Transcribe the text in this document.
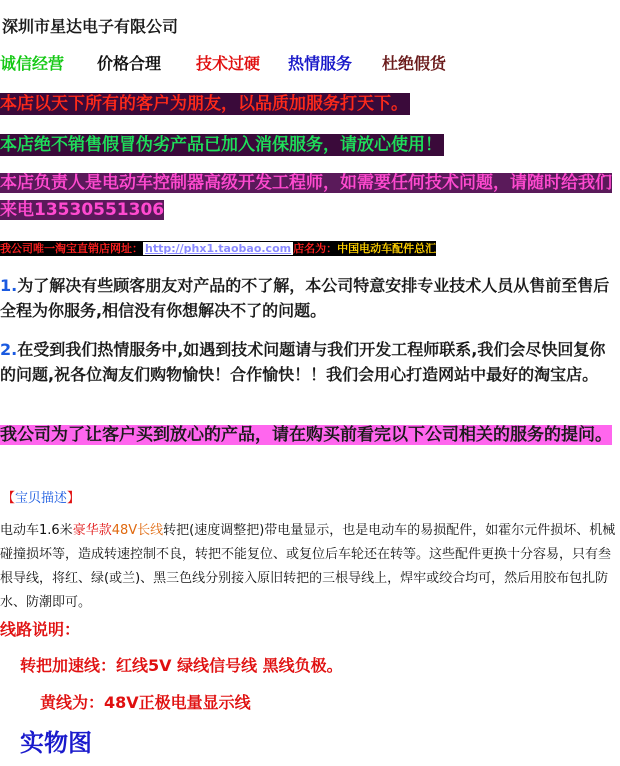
深圳市星达电子有限公司
诚信经营	价格合理	技术过硬	热情服务	杜绝假货
本店以天下所有的客户为朋友，以品质加服务打天下。
本店绝不销售假冒伪劣产品已加入消保服务，请放心使用！
本店负责人是电动车控制器高级开发工程师，如需要任何技术问题，请随时给我们来电13530551306
我公司唯一淘宝直销店网址： http://phx1.taobao.com 店名为：中国电动车配件总汇
1.为了解决有些顾客朋友对产品的不了解，本公司特意安排专业技术人员从售前至售后全程为你服务,相信没有你想解决不了的问题。
2.在受到我们热情服务中,如遇到技术问题请与我们开发工程师联系,我们会尽快回复你的问题,祝各位淘友们购物愉快！合作愉快！！我们会用心打造网站中最好的淘宝店。
我公司为了让客户买到放心的产品，请在购买前看完以下公司相关的服务的提问。
【宝贝描述】
电动车1.6米豪华款48V长线转把(速度调整把)带电量显示，也是电动车的易损配件，如霍尔元件损坏、机械碰撞损坏等，造成转速控制不良，转把不能复位、或复位后车轮还在转等。这些配件更换十分容易，只有叁根导线，将红、绿(或兰)、黑三色线分别接入原旧转把的三根导线上，焊牢或绞合均可，然后用胶布包扎防水、防潮即可。
线路说明：
转把加速线：红线5V 绿线信号线 黑线负极。
黄线为：48V正极电量显示线
实物图
